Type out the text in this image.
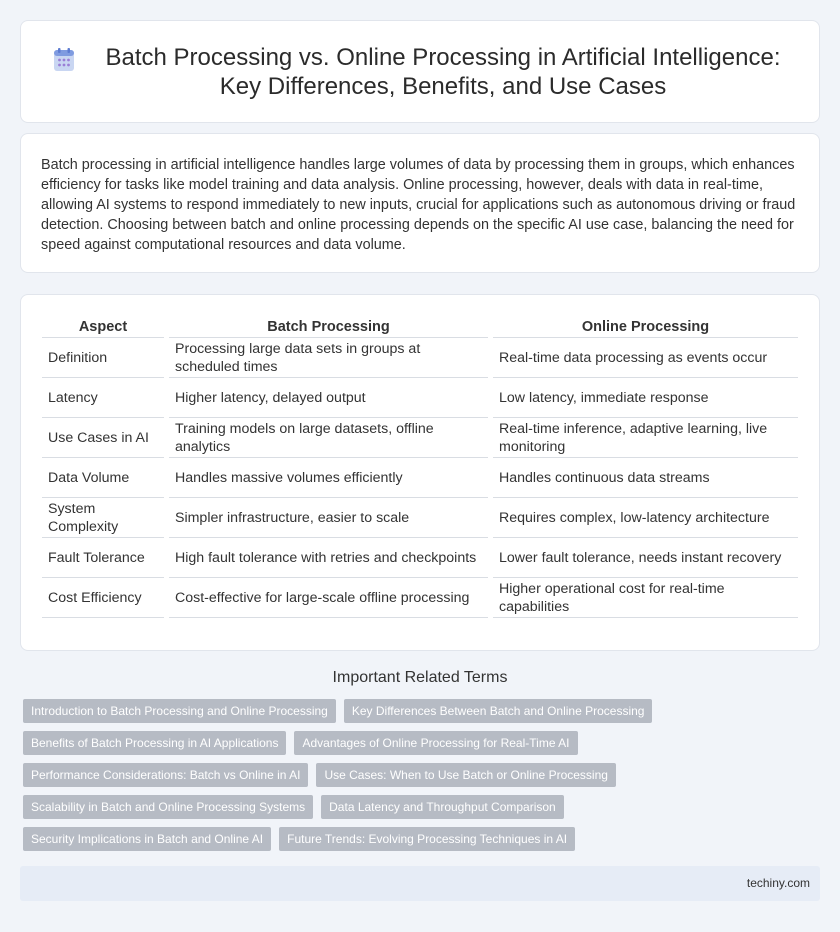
Batch Processing vs. Online Processing in Artificial Intelligence: Key Differences, Benefits, and Use Cases

Batch processing in artificial intelligence handles large volumes of data by processing them in groups, which enhances efficiency for tasks like model training and data analysis. Online processing, however, deals with data in real-time, allowing AI systems to respond immediately to new inputs, crucial for applications such as autonomous driving or fraud detection. Choosing between batch and online processing depends on the specific AI use case, balancing the need for speed against computational resources and data volume.

Aspect	Batch Processing	Online Processing
Definition	Processing large data sets in groups at scheduled times	Real-time data processing as events occur
Latency	Higher latency, delayed output	Low latency, immediate response
Use Cases in AI	Training models on large datasets, offline analytics	Real-time inference, adaptive learning, live monitoring
Data Volume	Handles massive volumes efficiently	Handles continuous data streams
System Complexity	Simpler infrastructure, easier to scale	Requires complex, low-latency architecture
Fault Tolerance	High fault tolerance with retries and checkpoints	Lower fault tolerance, needs instant recovery
Cost Efficiency	Cost-effective for large-scale offline processing	Higher operational cost for real-time capabilities
Important Related Terms
Introduction to Batch Processing and Online Processing	Key Differences Between Batch and Online Processing
Benefits of Batch Processing in AI Applications	Advantages of Online Processing for Real-Time AI
Performance Considerations: Batch vs Online in AI	Use Cases: When to Use Batch or Online Processing
Scalability in Batch and Online Processing Systems	Data Latency and Throughput Comparison
Security Implications in Batch and Online AI	Future Trends: Evolving Processing Techniques in AI
techiny.com
